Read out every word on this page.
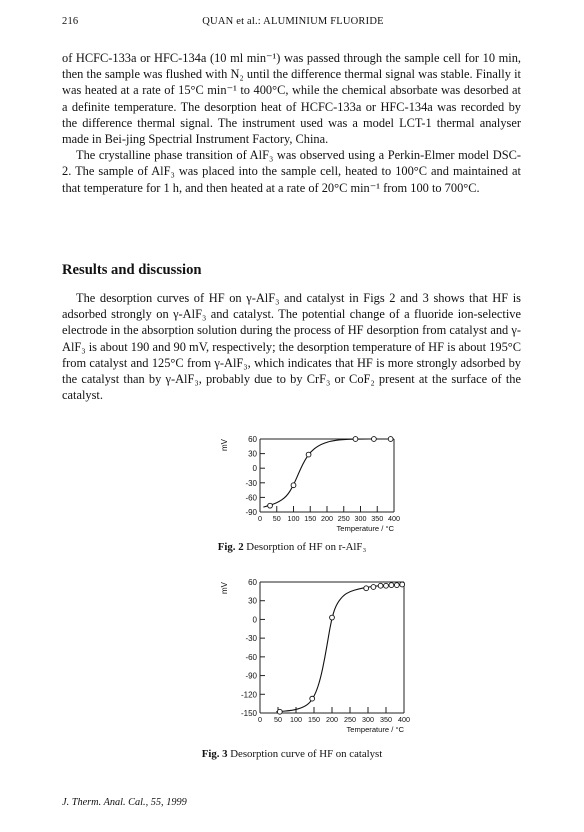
216	QUAN et al.: ALUMINIUM FLUORIDE

of HCFC-133a or HFC-134a (10 ml min⁻¹) was passed through the sample cell for 10 min, then the sample was flushed with N₂ until the difference thermal signal was stable. Finally it was heated at a rate of 15°C min⁻¹ to 400°C, while the chemical absorbate was desorbed at a definite temperature. The desorption heat of HCFC-133a or HFC-134a was recorded by the difference thermal signal. The instrument used was a model LCT-1 thermal analyser made in Bei-jing Spectrial Instrument Factory, China.

The crystalline phase transition of AlF₃ was observed using a Perkin-Elmer model DSC-2. The sample of AlF₃ was placed into the sample cell, heated to 100°C and maintained at that temperature for 1 h, and then heated at a rate of 20°C min⁻¹ from 100 to 700°C.

Results and discussion

The desorption curves of HF on γ-AlF₃ and catalyst in Figs 2 and 3 shows that HF is adsorbed strongly on γ-AlF₃ and catalyst. The potential change of a fluoride ion-selective electrode in the absorption solution during the process of HF desorption from catalyst and γ-AlF₃ is about 190 and 90 mV, respectively; the desorption temperature of HF is about 195°C from catalyst and 125°C from γ-AlF₃, which indicates that HF is more strongly adsorbed by the catalyst than by γ-AlF₃, probably due to by CrF₃ or CoF₂ present at the surface of the catalyst.

60
30
0
-30
-60
-90
0 50 100 150 200 250 300 350 400
mV
Temperature / °C
Fig. 2 Desorption of HF on r-AlF₃
60
30
0
-30
-60
-90
-120
-150
0 50 100 150 200 250 300 350 400
mV
Temperature / °C
Fig. 3 Desorption curve of HF on catalyst
J. Therm. Anal. Cal., 55, 1999
